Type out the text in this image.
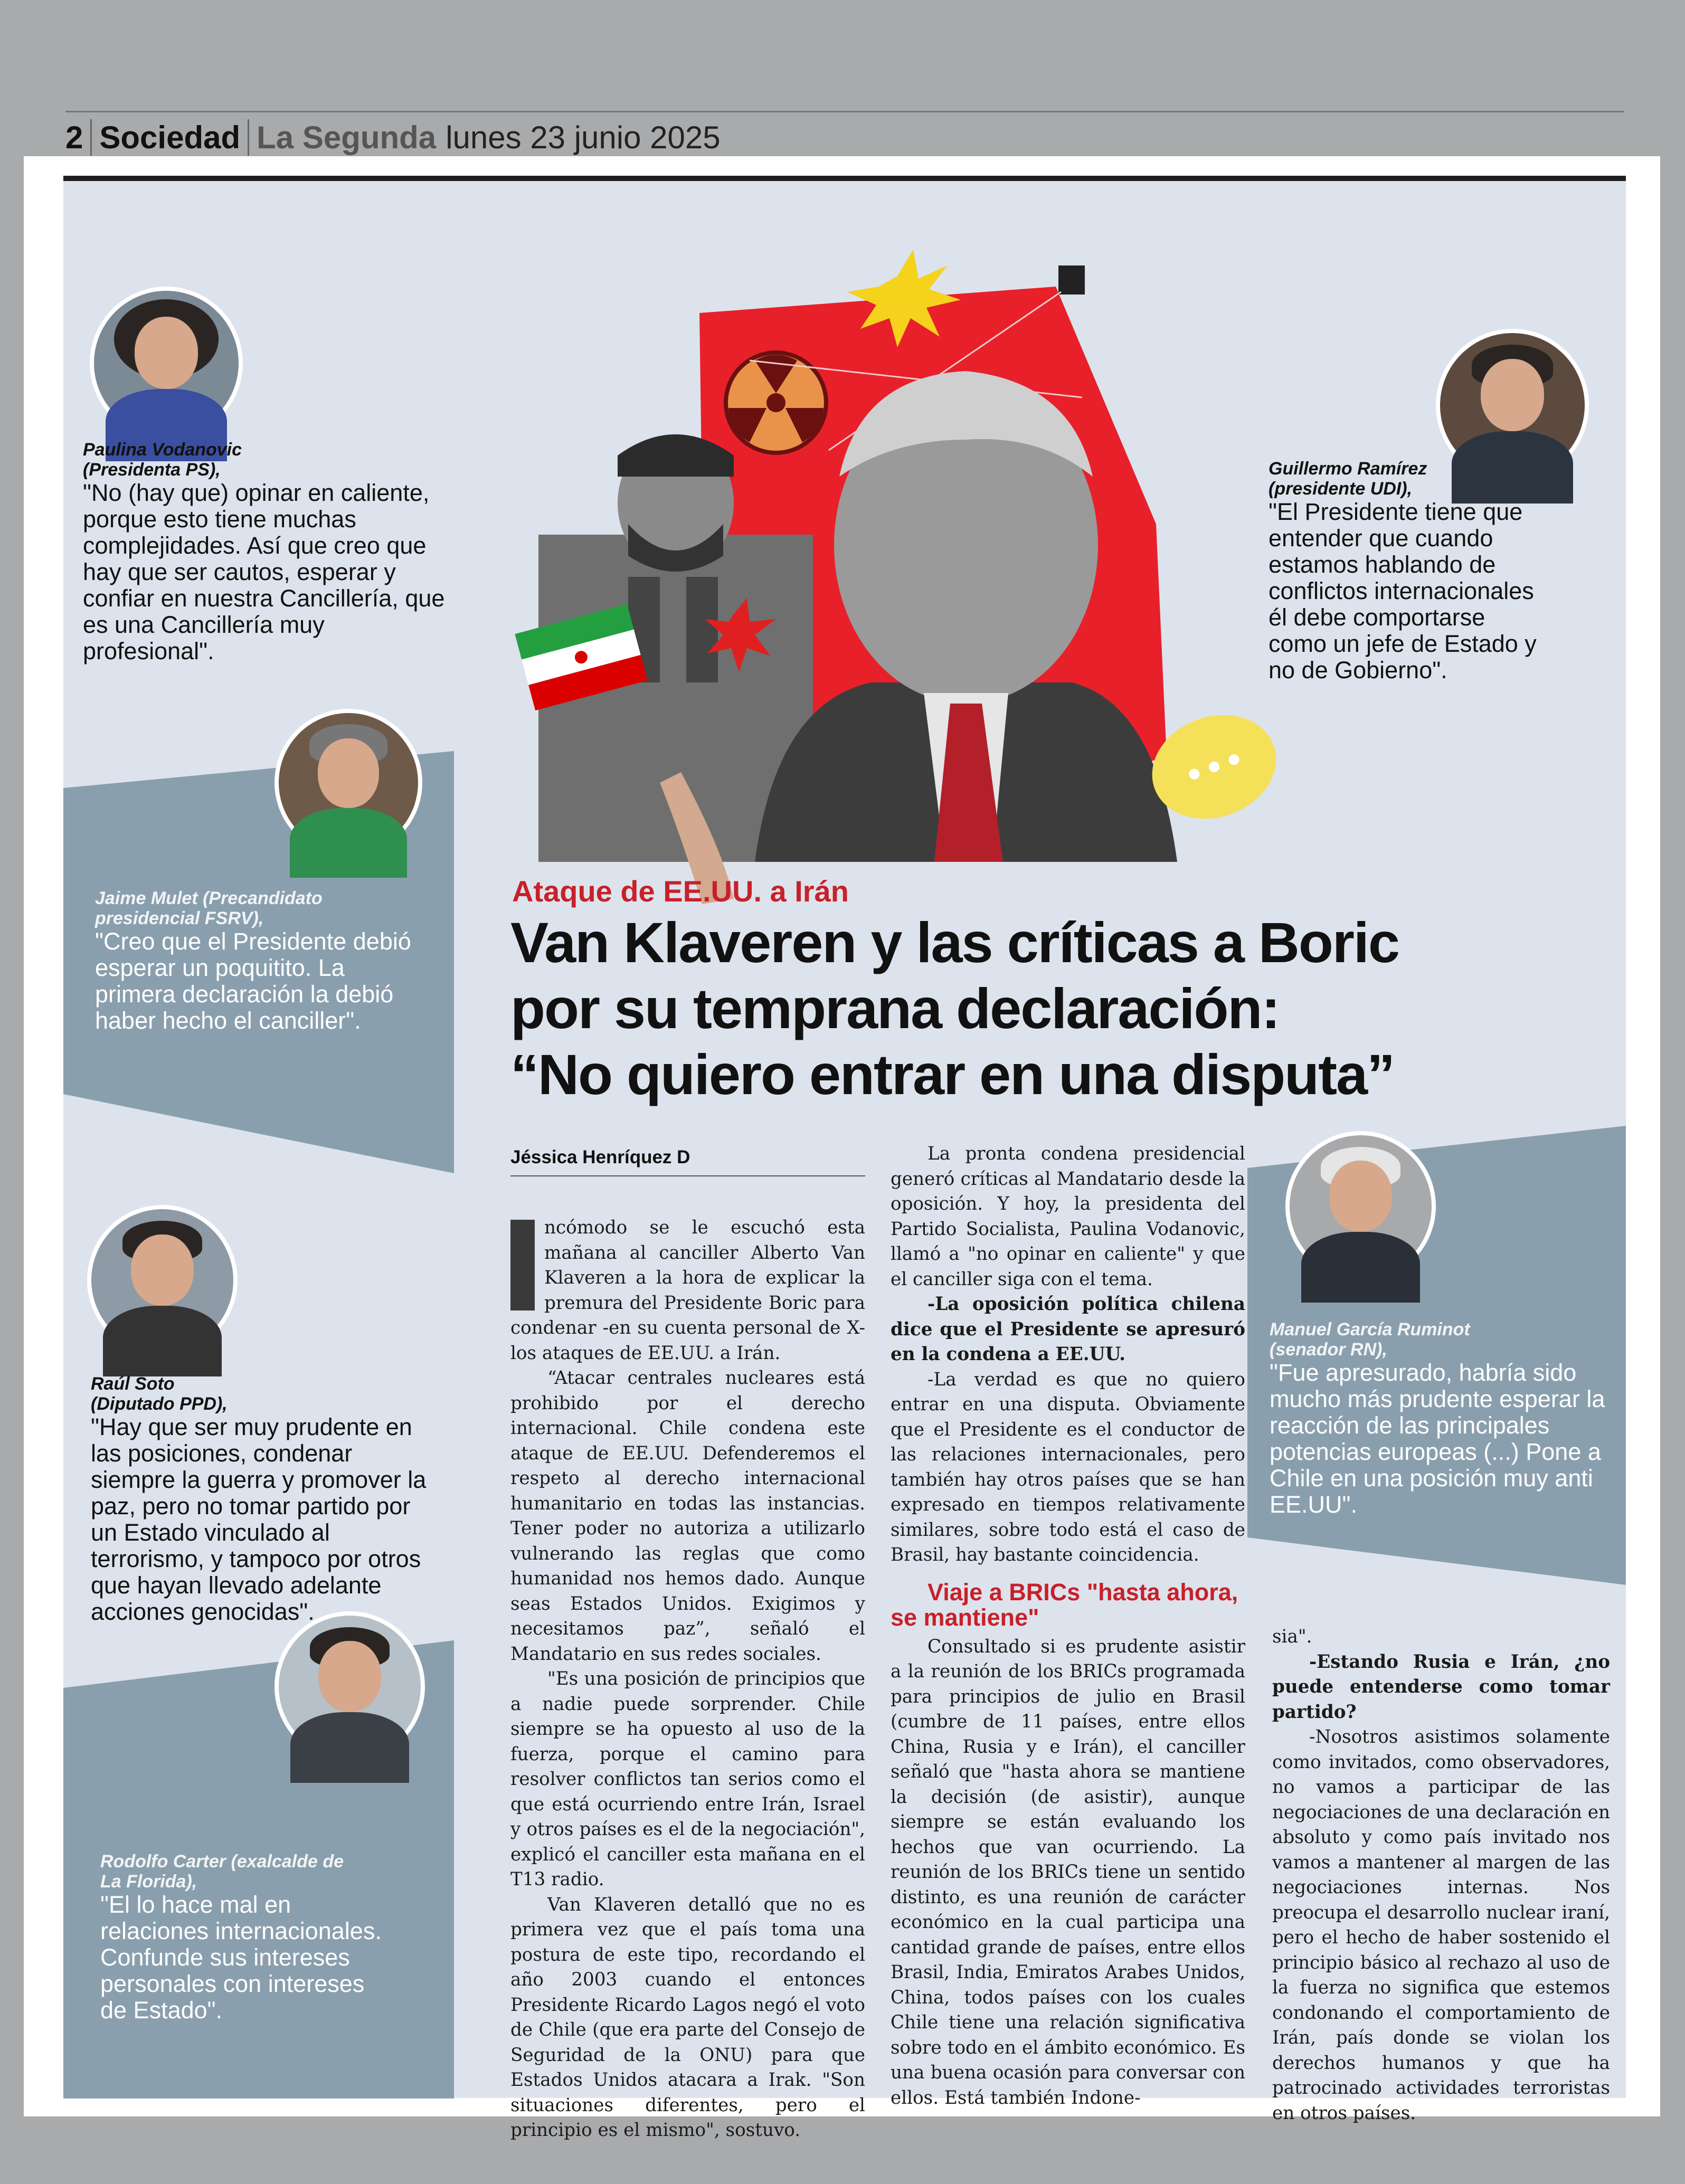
2 Sociedad La Segunda lunes 23 junio 2025
Paulina Vodanovic
(Presidenta PS),
"No (hay que) opinar en caliente, porque esto tiene muchas complejidades. Así que creo que hay que ser cautos, esperar y confiar en nuestra Cancillería, que es una Cancillería muy profesional".
Guillermo Ramírez
(presidente UDI),
"El Presidente tiene que entender que cuando estamos hablando de conflictos internacionales él debe comportarse como un jefe de Estado y no de Gobierno".
Jaime Mulet (Precandidato
presidencial FSRV),
"Creo que el Presidente debió esperar un poquitito. La primera declaración la debió haber hecho el canciller".
Raúl Soto
(Diputado PPD),
"Hay que ser muy prudente en las posiciones, condenar siempre la guerra y promover la paz, pero no tomar partido por un Estado vinculado al terrorismo, y tampoco por otros que hayan llevado adelante acciones genocidas".
Rodolfo Carter (exalcalde de
La Florida),
"El lo hace mal en relaciones internacionales. Confunde sus intereses personales con intereses de Estado".
Manuel García Ruminot
(senador RN),
"Fue apresurado, habría sido mucho más prudente esperar la reacción de las principales potencias europeas (...) Pone a Chile en una posición muy anti EE.UU".
Ataque de EE.UU. a Irán
Van Klaveren y las críticas a Boric
por su temprana declaración:
“No quiero entrar en una disputa”
Jéssica Henríquez D

ncómodo se le escuchó esta mañana al canciller Alberto Van Klaveren a la hora de explicar la premura del Presidente Boric para condenar -en su cuenta personal de X- los ataques de EE.UU. a Irán.

“Atacar centrales nucleares está prohibido por el derecho internacional. Chile condena este ataque de EE.UU. Defenderemos el respeto al derecho internacional humanitario en todas las instancias. Tener poder no autoriza a utilizarlo vulnerando las reglas que como humanidad nos hemos dado. Aunque seas Estados Unidos. Exigimos y necesitamos paz”, señaló el Mandatario en sus redes sociales.

"Es una posición de principios que a nadie puede sorprender. Chile siempre se ha opuesto al uso de la fuerza, porque el camino para resolver conflictos tan serios como el que está ocurriendo entre Irán, Israel y otros países es el de la negociación", explicó el canciller esta mañana en el T13 radio.

Van Klaveren detalló que no es primera vez que el país toma una postura de este tipo, recordando el año 2003 cuando el entonces Presidente Ricardo Lagos negó el voto de Chile (que era parte del Consejo de Seguridad de la ONU) para que Estados Unidos atacara a Irak. "Son situaciones diferentes, pero el principio es el mismo", sostuvo.

La pronta condena presidencial generó críticas al Mandatario desde la oposición. Y hoy, la presidenta del Partido Socialista, Paulina Vodanovic, llamó a "no opinar en caliente" y que el canciller siga con el tema.

-La oposición política chilena dice que el Presidente se apresuró en la condena a EE.UU.

-La verdad es que no quiero entrar en una disputa. Obviamente que el Presidente es el conductor de las relaciones internacionales, pero también hay otros países que se han expresado en tiempos relativamente similares, sobre todo está el caso de Brasil, hay bastante coincidencia.

Viaje a BRICs "hasta ahora, se mantiene"

Consultado si es prudente asistir a la reunión de los BRICs programada para principios de julio en Brasil (cumbre de 11 países, entre ellos China, Rusia y e Irán), el canciller señaló que "hasta ahora se mantiene la decisión (de asistir), aunque siempre se están evaluando los hechos que van ocurriendo. La reunión de los BRICs tiene un sentido distinto, es una reunión de carácter económico en la cual participa una cantidad grande de países, entre ellos Brasil, India, Emiratos Arabes Unidos, China, todos países con los cuales Chile tiene una relación significativa sobre todo en el ámbito económico. Es una buena ocasión para conversar con ellos. Está también Indone-

sia".

-Estando Rusia e Irán, ¿no puede entenderse como tomar partido?

-Nosotros asistimos solamente como invitados, como observadores, no vamos a participar de las negociaciones de una declaración en absoluto y como país invitado nos vamos a mantener al margen de las negociaciones internas. Nos preocupa el desarrollo nuclear iraní, pero el hecho de haber sostenido el principio básico al rechazo al uso de la fuerza no significa que estemos condonando el comportamiento de Irán, país donde se violan los derechos humanos y que ha patrocinado actividades terroristas en otros países.
